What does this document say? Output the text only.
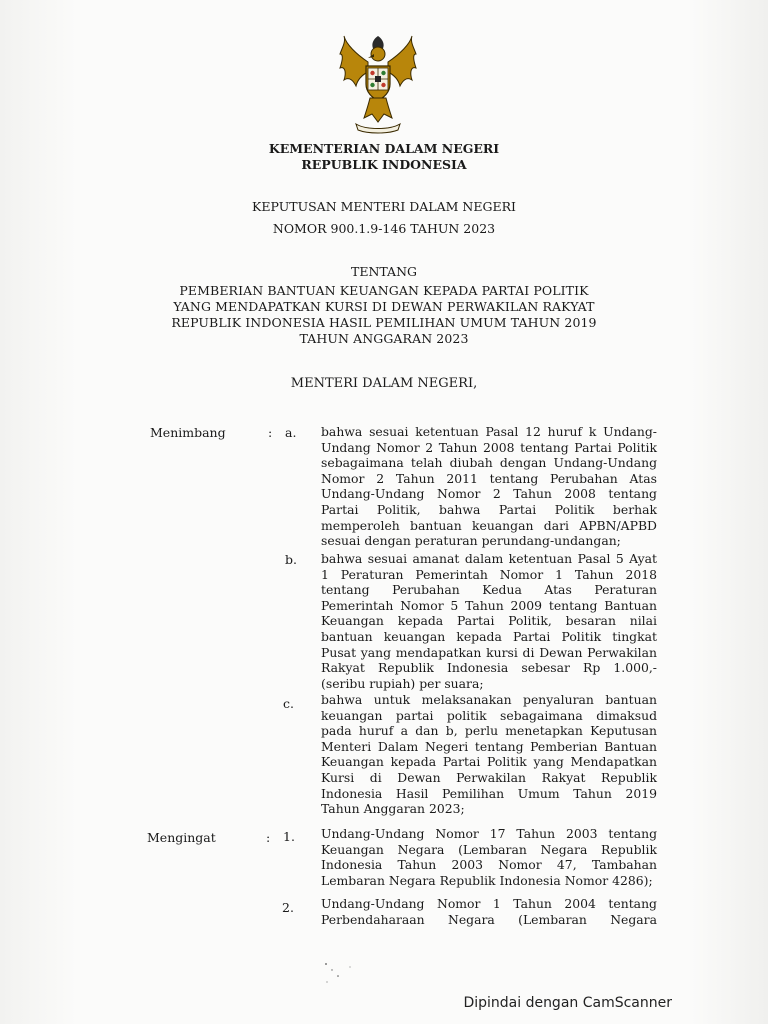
KEMENTERIAN DALAM NEGERI
REPUBLIK INDONESIA
KEPUTUSAN MENTERI DALAM NEGERI
NOMOR 900.1.9-146 TAHUN 2023
TENTANG
PEMBERIAN BANTUAN KEUANGAN KEPADA PARTAI POLITIK
YANG MENDAPATKAN KURSI DI DEWAN PERWAKILAN RAKYAT
REPUBLIK INDONESIA HASIL PEMILIHAN UMUM TAHUN 2019
TAHUN ANGGARAN 2023
MENTERI DALAM NEGERI,
Menimbang	: a. bahwa sesuai ketentuan Pasal 12 huruf k Undang-
Undang Nomor 2 Tahun 2008 tentang Partai Politik
sebagaimana telah diubah dengan Undang-Undang
Nomor 2 Tahun 2011 tentang Perubahan Atas
Undang-Undang Nomor 2 Tahun 2008 tentang
Partai Politik, bahwa Partai Politik berhak
memperoleh bantuan keuangan dari APBN/APBD
sesuai dengan peraturan perundang-undangan;
b. bahwa sesuai amanat dalam ketentuan Pasal 5 Ayat
1 Peraturan Pemerintah Nomor 1 Tahun 2018
tentang Perubahan Kedua Atas Peraturan
Pemerintah Nomor 5 Tahun 2009 tentang Bantuan
Keuangan kepada Partai Politik, besaran nilai
bantuan keuangan kepada Partai Politik tingkat
Pusat yang mendapatkan kursi di Dewan Perwakilan
Rakyat Republik Indonesia sebesar Rp 1.000,-
(seribu rupiah) per suara;
c. bahwa untuk melaksanakan penyaluran bantuan
keuangan partai politik sebagaimana dimaksud
pada huruf a dan b, perlu menetapkan Keputusan
Menteri Dalam Negeri tentang Pemberian Bantuan
Keuangan kepada Partai Politik yang Mendapatkan
Kursi di Dewan Perwakilan Rakyat Republik
Indonesia Hasil Pemilihan Umum Tahun 2019
Tahun Anggaran 2023;
Mengingat	: 1. Undang-Undang Nomor 17 Tahun 2003 tentang
Keuangan Negara (Lembaran Negara Republik
Indonesia Tahun 2003 Nomor 47, Tambahan
Lembaran Negara Republik Indonesia Nomor 4286);
2. Undang-Undang Nomor 1 Tahun 2004 tentang
Perbendaharaan Negara (Lembaran Negara
Dipindai dengan CamScanner
